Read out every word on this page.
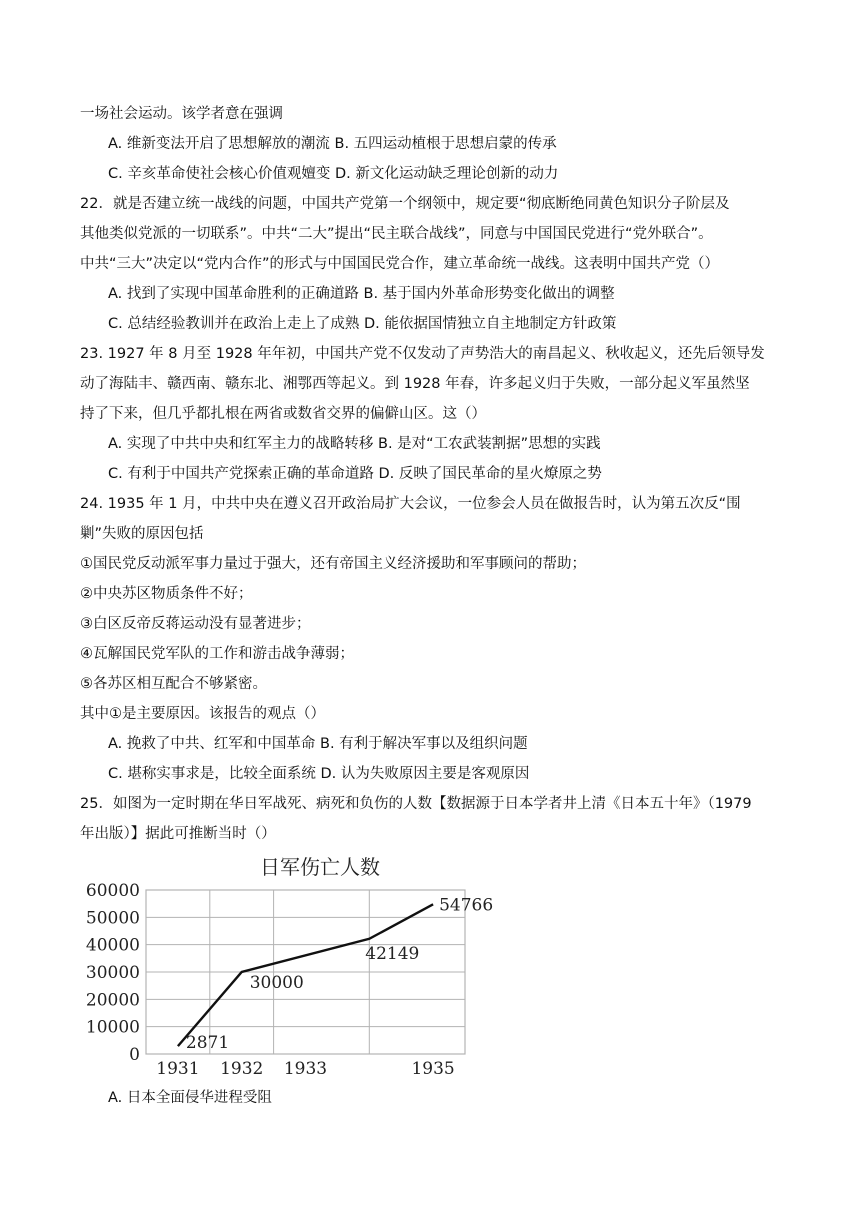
一场社会运动。该学者意在强调
A. 维新变法开启了思想解放的潮流 B. 五四运动植根于思想启蒙的传承
C. 辛亥革命使社会核心价值观嬗变 D. 新文化运动缺乏理论创新的动力
22．就是否建立统一战线的问题，中国共产党第一个纲领中，规定要“彻底断绝同黄色知识分子阶层及
其他类似党派的一切联系”。中共“二大”提出“民主联合战线”，同意与中国国民党进行“党外联合”。
中共“三大”决定以“党内合作”的形式与中国国民党合作，建立革命统一战线。这表明中国共产党（）
A. 找到了实现中国革命胜利的正确道路 B. 基于国内外革命形势变化做出的调整
C. 总结经验教训并在政治上走上了成熟 D. 能依据国情独立自主地制定方针政策
23. 1927 年 8 月至 1928 年年初，中国共产党不仅发动了声势浩大的南昌起义、秋收起义，还先后领导发
动了海陆丰、赣西南、赣东北、湘鄂西等起义。到 1928 年春，许多起义归于失败，一部分起义军虽然坚
持了下来，但几乎都扎根在两省或数省交界的偏僻山区。这（）
A. 实现了中共中央和红军主力的战略转移 B. 是对“工农武装割据”思想的实践
C. 有利于中国共产党探索正确的革命道路 D. 反映了国民革命的星火燎原之势
24. 1935 年 1 月，中共中央在遵义召开政治局扩大会议，一位参会人员在做报告时，认为第五次反“围
剿”失败的原因包括
①国民党反动派军事力量过于强大，还有帝国主义经济援助和军事顾问的帮助；
②中央苏区物质条件不好；
③白区反帝反蒋运动没有显著进步；
④瓦解国民党军队的工作和游击战争薄弱；
⑤各苏区相互配合不够紧密。
其中①是主要原因。该报告的观点（）
A. 挽救了中共、红军和中国革命 B. 有利于解决军事以及组织问题
C. 堪称实事求是，比较全面系统 D. 认为失败原因主要是客观原因
25．如图为一定时期在华日军战死、病死和负伤的人数【数据源于日本学者井上清《日本五十年》（1979
年出版）】据此可推断当时（）
日军伤亡人数
60000
50000
40000
30000
20000
10000
0
1931 1932 1933	1935
2871
30000
42149
54766
A. 日本全面侵华进程受阻
